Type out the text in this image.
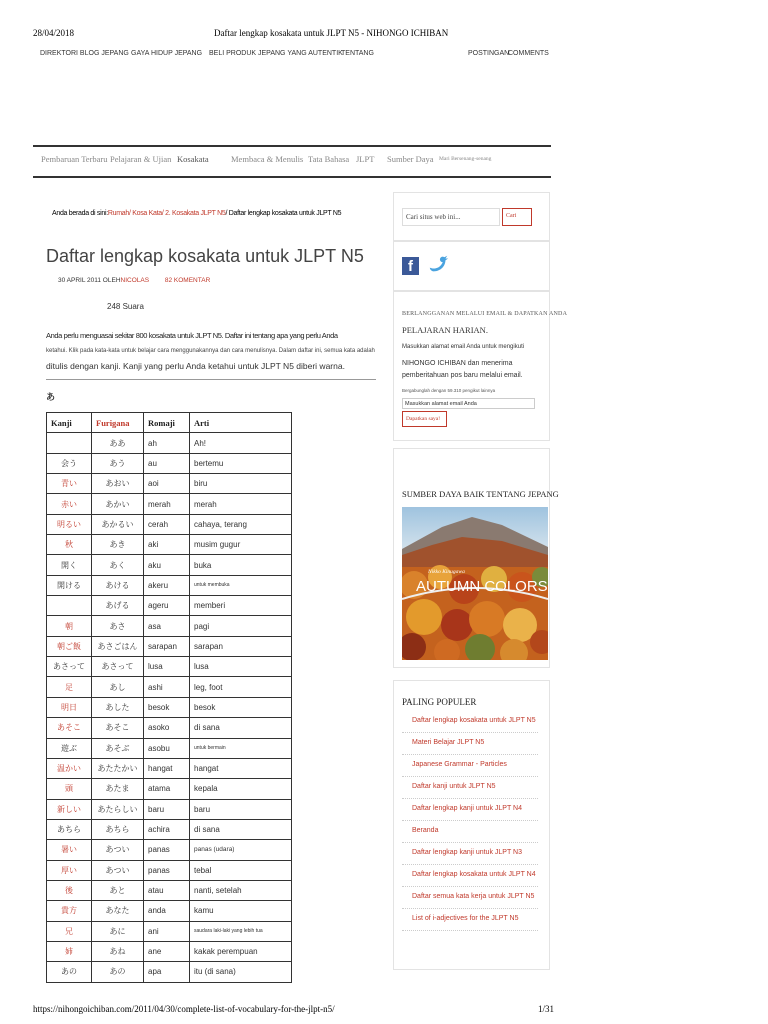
28/04/2018	Daftar lengkap kosakata untuk JLPT N5 - NIHONGO ICHIBAN
https://nihongoichiban.com/2011/04/30/complete-list-of-vocabulary-for-the-jlpt-n5/	1/31
DIREKTORI BLOG JEPANG GAYA HIDUP JEPANG BELI PRODUK JEPANG YANG AUTENTIK
TENTANG	POSTINGAN
COMMENTS
Pembaruan Terbaru Pelajaran & Ujian Kosakata	Membaca & Menulis Tata Bahasa JLPT Sumber Daya Mari Bersenang-senang
Anda berada di sini:Rumah/ Kosa Kata/ 2. Kosakata JLPT N5/ Daftar lengkap kosakata untuk JLPT N5
Daftar lengkap kosakata untuk JLPT N5
30 APRIL 2011 OLEHNICOLAS 82 KOMENTAR
248 Suara
Anda perlu menguasai sekitar 800 kosakata untuk JLPT N5. Daftar ini tentang apa yang perlu Anda
ketahui. Klik pada kata-kata untuk belajar cara menggunakannya dan cara menulisnya. Dalam daftar ini, semua kata adalah
ditulis dengan kanji. Kanji yang perlu Anda ketahui untuk JLPT N5 diberi warna.
あ
Kanji	Furigana	Romaji	Arti
	ああ	ah	Ah!
会う	あう	au	bertemu
青い	あおい	aoi	biru
赤い	あかい	merah	merah
明るい	あかるい	cerah	cahaya, terang
秋	あき	aki	musim gugur
開く	あく	aku	buka
開ける	あける	akeru	untuk membuka
	あげる	ageru	memberi
朝	あさ	asa	pagi
朝ご飯	あさごはん	sarapan	sarapan
あさって	あさって	lusa	lusa
足	あし	ashi	leg, foot
明日	あした	besok	besok
あそこ	あそこ	asoko	di sana
遊ぶ	あそぶ	asobu	untuk bermain
温かい	あたたかい	hangat	hangat
頭	あたま	atama	kepala
新しい	あたらしい	baru	baru
あちら	あちら	achira	di sana
暑い	あつい	panas	panas (udara)
厚い	あつい	panas	tebal
後	あと	atau	nanti, setelah
貴方	あなた	anda	kamu
兄	あに	ani	saudara laki-laki yang lebih tua
姉	あね	ane	kakak perempuan
あの	あの	apa	itu (di sana)
Cari situs web ini...	Cari
f
BERLANGGANAN MELALUI EMAIL & DAPATKAN ANDA
PELAJARAN HARIAN.
Masukkan alamat email Anda untuk mengikuti
NIHONGO ICHIBAN dan menerima pemberitahuan pos baru melalui email.
Bergabunglah dengan 59.310 pengikut lainnya
Masukkan alamat email Anda
Dapatkan saya!
SUMBER DAYA BAIK TENTANG JEPANG
Nikko Kinugawa
AUTUMN COLORS
PALING POPULER
Daftar lengkap kosakata untuk JLPT N5
Materi Belajar JLPT N5
Japanese Grammar - Particles
Daftar kanji untuk JLPT N5
Daftar lengkap kanji untuk JLPT N4
Beranda
Daftar lengkap kanji untuk JLPT N3
Daftar lengkap kosakata untuk JLPT N4
Daftar semua kata kerja untuk JLPT N5
List of i-adjectives for the JLPT N5
